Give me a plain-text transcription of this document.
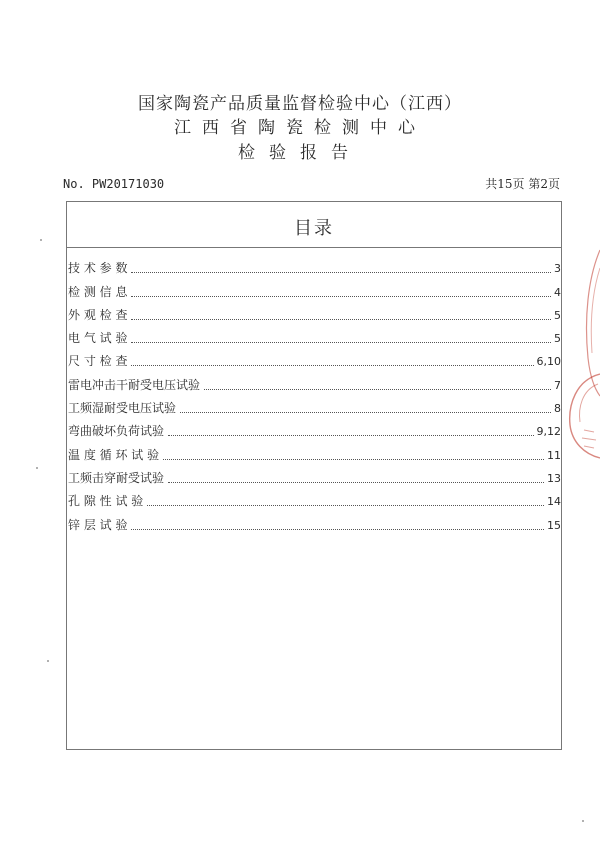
国家陶瓷产品质量监督检验中心（江西）
江西省陶瓷检测中心
检验报告
No. PW20171030	共15页 第2页
目录
技 术 参 数	3
检 测 信 息	4
外 观 检 查	5
电 气 试 验	5
尺 寸 检 查	6,10
雷电冲击干耐受电压试验	7
工频湿耐受电压试验	8
弯曲破坏负荷试验	9,12
温 度 循 环 试 验	11
工频击穿耐受试验	13
孔 隙 性 试 验	14
锌 层 试 验	15
